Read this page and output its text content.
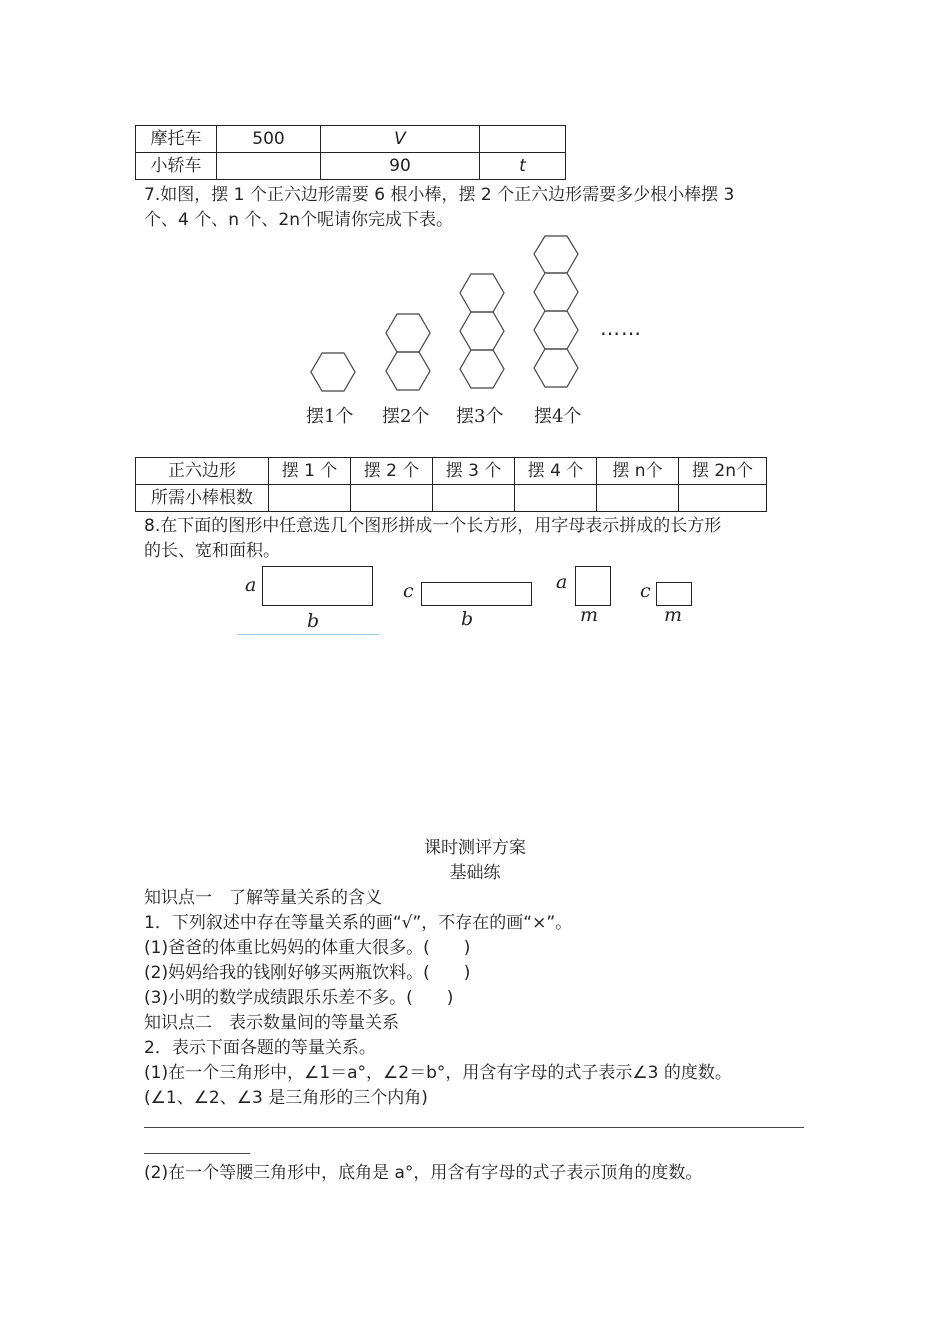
摩托车	500	V	
小轿车		90	t
7.如图，摆 1 个正六边形需要 6 根小棒，摆 2 个正六边形需要多少根小棒摆 3
个、4 个、n 个、2n个呢请你完成下表。
……
摆1个 摆2个 摆3个 摆4个
正六边形	摆 1 个	摆 2 个	摆 3 个	摆 4 个	摆 n个	摆 2n个
所需小棒根数						
8.在下面的图形中任意选几个图形拼成一个长方形，用字母表示拼成的长方形
的长、宽和面积。
a
b
c
b
a
m
c
m
课时测评方案
基础练
知识点一　了解等量关系的含义
1．下列叙述中存在等量关系的画“√”，不存在的画“×”。
(1)爸爸的体重比妈妈的体重大很多。(　　)
(2)妈妈给我的钱刚好够买两瓶饮料。(　　)
(3)小明的数学成绩跟乐乐差不多。(　　)
知识点二　表示数量间的等量关系
2．表示下面各题的等量关系。
(1)在一个三角形中，∠1＝a°，∠2＝b°，用含有字母的式子表示∠3 的度数。
(∠1、∠2、∠3 是三角形的三个内角)
(2)在一个等腰三角形中，底角是 a°，用含有字母的式子表示顶角的度数。
